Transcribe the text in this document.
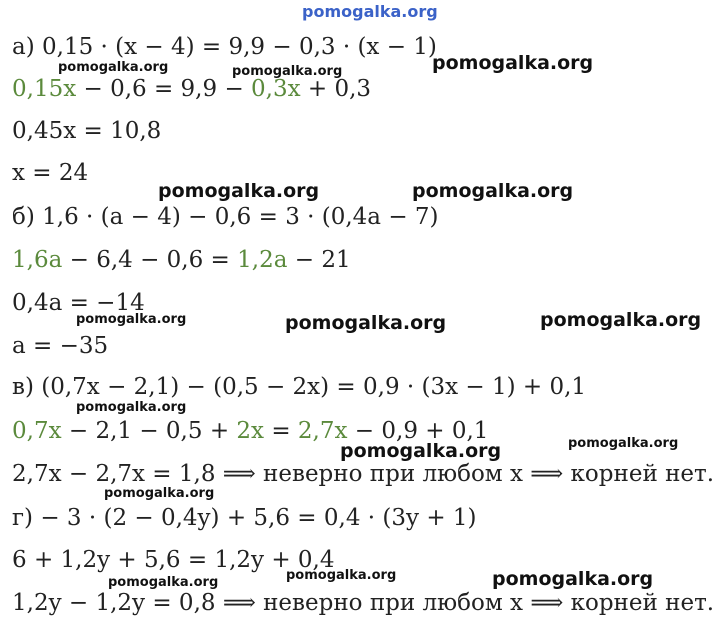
pomogalka.org
pomogalka.org
pomogalka.org	pomogalka.org
pomogalka.org	pomogalka.org
pomogalka.org	pomogalka.org	pomogalka.org
pomogalka.org
pomogalka.org	pomogalka.org
pomogalka.org
pomogalka.org	pomogalka.org	pomogalka.org
а) 0,15 · (x − 4) = 9,9 − 0,3 · (x − 1)
0,15x − 0,6 = 9,9 − 0,3x + 0,3
0,45x = 10,8
x = 24
б) 1,6 · (a − 4) − 0,6 = 3 · (0,4a − 7)
1,6a − 6,4 − 0,6 = 1,2a − 21
0,4a = −14
a = −35
в) (0,7x − 2,1) − (0,5 − 2x) = 0,9 · (3x − 1) + 0,1
0,7x − 2,1 − 0,5 + 2x = 2,7x − 0,9 + 0,1
2,7x − 2,7x = 1,8 ⟹ неверно при любом x ⟹ корней нет.
г) − 3 · (2 − 0,4y) + 5,6 = 0,4 · (3y + 1)
6 + 1,2y + 5,6 = 1,2y + 0,4
1,2y − 1,2y = 0,8 ⟹ неверно при любом x ⟹ корней нет.
